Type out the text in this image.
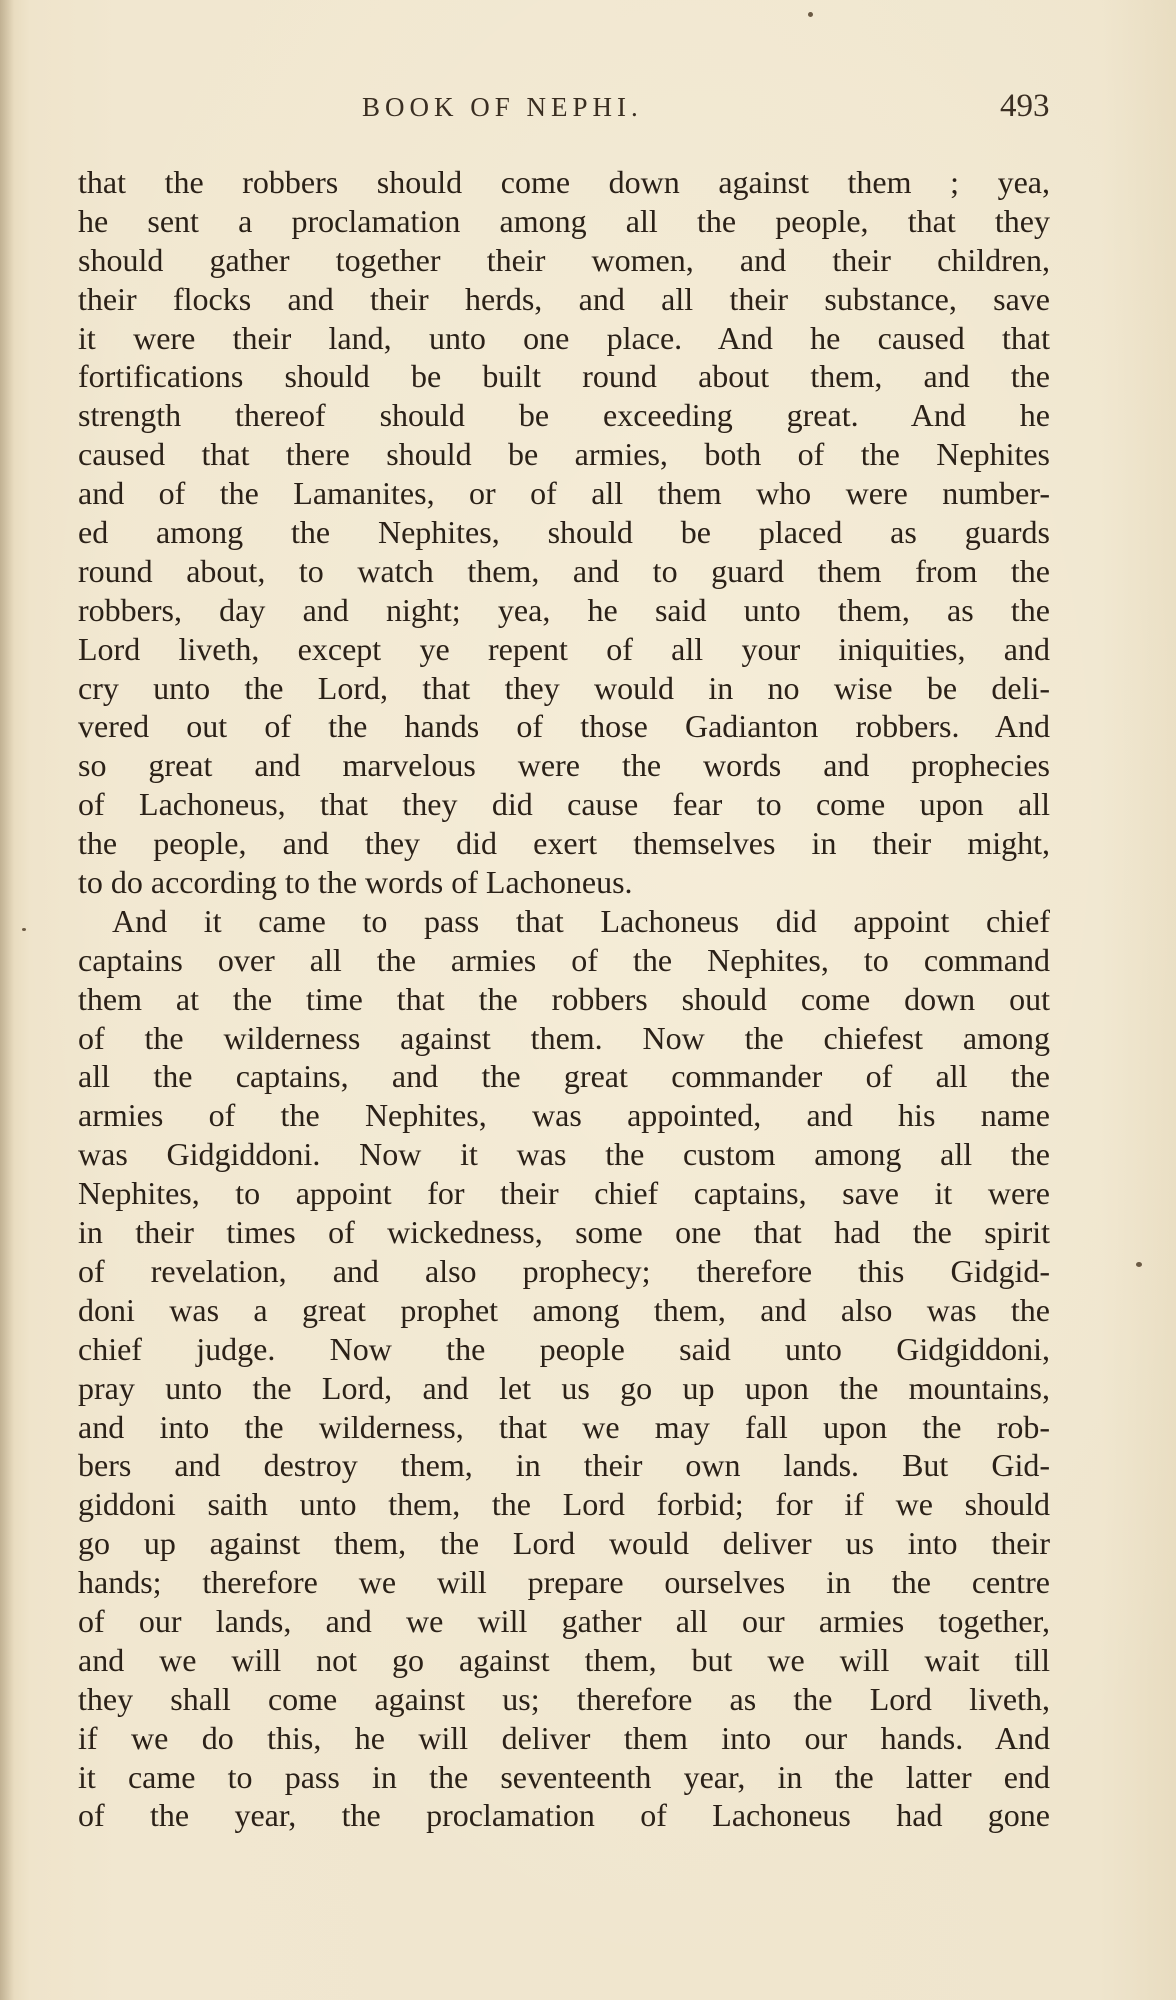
BOOK OF NEPHI.	493
that the robbers should come down against them ; yea,
he sent a proclamation among all the people, that they
should gather together their women, and their children,
their flocks and their herds, and all their substance, save
it were their land, unto one place. And he caused that
fortifications should be built round about them, and the
strength thereof should be exceeding great. And he
caused that there should be armies, both of the Nephites
and of the Lamanites, or of all them who were number-
ed among the Nephites, should be placed as guards
round about, to watch them, and to guard them from the
robbers, day and night; yea, he said unto them, as the
Lord liveth, except ye repent of all your iniquities, and
cry unto the Lord, that they would in no wise be deli-
vered out of the hands of those Gadianton robbers. And
so great and marvelous were the words and prophecies
of Lachoneus, that they did cause fear to come upon all
the people, and they did exert themselves in their might,
to do according to the words of Lachoneus.
And it came to pass that Lachoneus did appoint chief
captains over all the armies of the Nephites, to command
them at the time that the robbers should come down out
of the wilderness against them. Now the chiefest among
all the captains, and the great commander of all the
armies of the Nephites, was appointed, and his name
was Gidgiddoni. Now it was the custom among all the
Nephites, to appoint for their chief captains, save it were
in their times of wickedness, some one that had the spirit
of revelation, and also prophecy; therefore this Gidgid-
doni was a great prophet among them, and also was the
chief judge. Now the people said unto Gidgiddoni,
pray unto the Lord, and let us go up upon the mountains,
and into the wilderness, that we may fall upon the rob-
bers and destroy them, in their own lands. But Gid-
giddoni saith unto them, the Lord forbid; for if we should
go up against them, the Lord would deliver us into their
hands; therefore we will prepare ourselves in the centre
of our lands, and we will gather all our armies together,
and we will not go against them, but we will wait till
they shall come against us; therefore as the Lord liveth,
if we do this, he will deliver them into our hands. And
it came to pass in the seventeenth year, in the latter end
of the year, the proclamation of Lachoneus had gone
